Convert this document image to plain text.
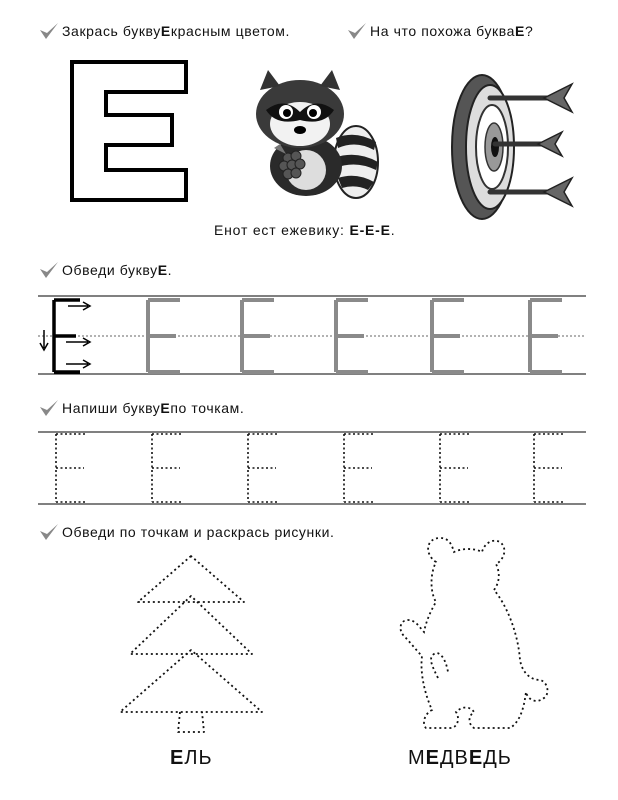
Закрась букву Е красным цветом.	На что похожа буква Е ?
Енот ест ежевику: Е-Е-Е.
Обведи букву Е .
Напиши букву Е по точкам.
Обведи по точкам и раскрась рисунки.
ЕЛЬ	МЕДВЕДЬ
